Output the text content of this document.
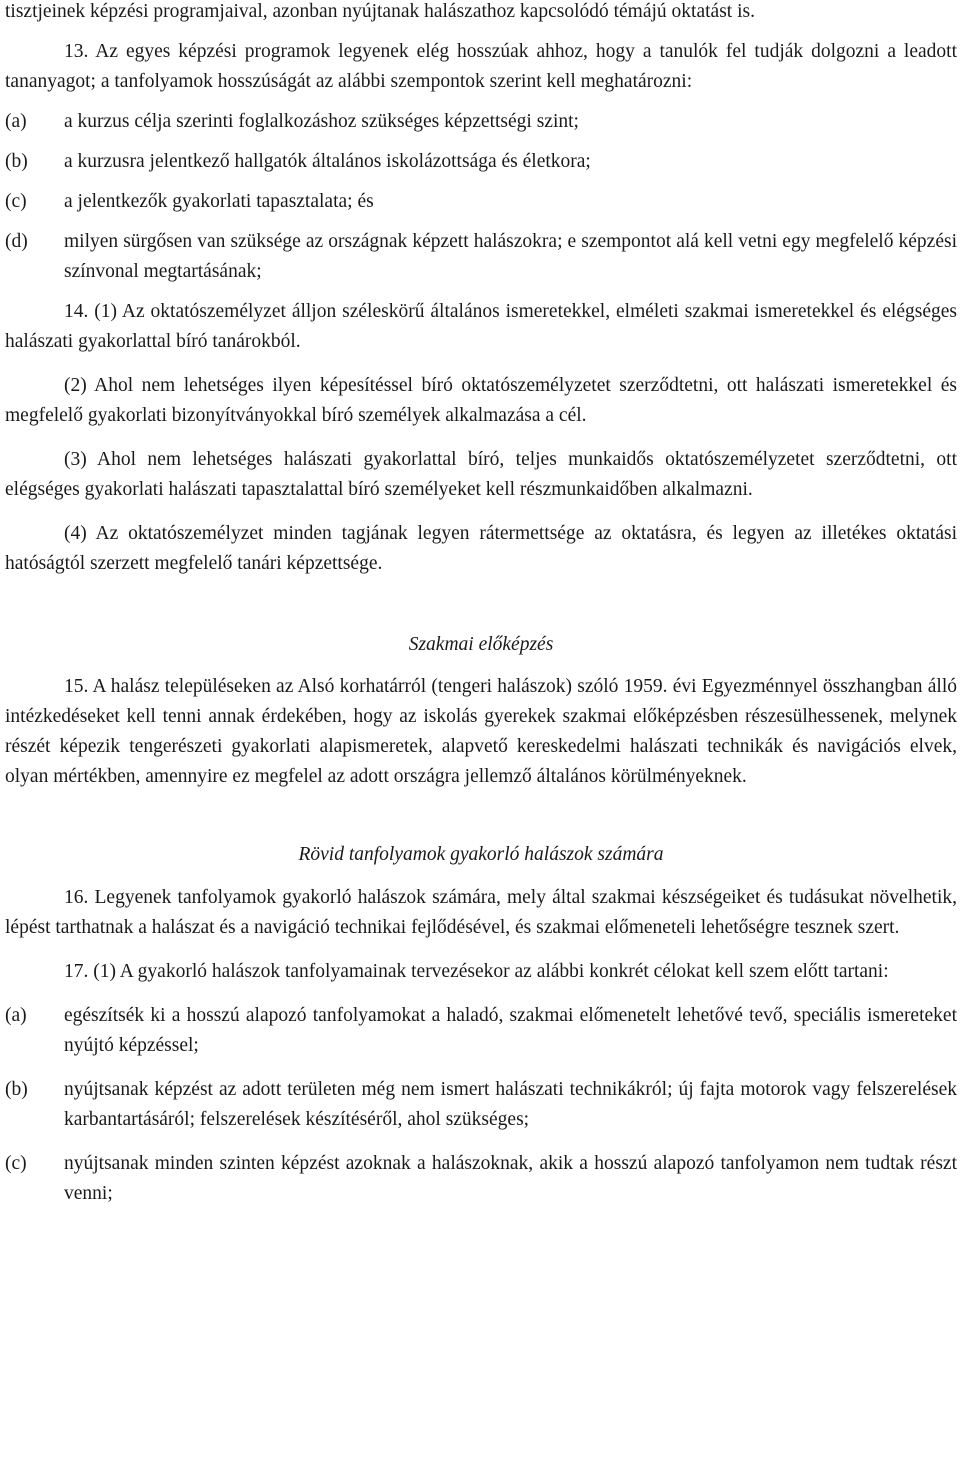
tisztjeinek képzési programjaival, azonban nyújtanak halászathoz kapcsolódó témájú oktatást is.

13. Az egyes képzési programok legyenek elég hosszúak ahhoz, hogy a tanulók fel tudják dolgozni a leadott tananyagot; a tanfolyamok hosszúságát az alábbi szempontok szerint kell meghatározni:

(a)	a kurzus célja szerinti foglalkozáshoz szükséges képzettségi szint;
(b)	a kurzusra jelentkező hallgatók általános iskolázottsága és életkora;
(c)	a jelentkezők gyakorlati tapasztalata; és
(d)	milyen sürgősen van szüksége az országnak képzett halászokra; e szempontot alá kell vetni egy megfelelő képzési színvonal megtartásának;

14. (1) Az oktatószemélyzet álljon széleskörű általános ismeretekkel, elméleti szakmai ismeretekkel és elégséges halászati gyakorlattal bíró tanárokból.

(2) Ahol nem lehetséges ilyen képesítéssel bíró oktatószemélyzetet szerződtetni, ott halászati ismeretekkel és megfelelő gyakorlati bizonyítványokkal bíró személyek alkalmazása a cél.

(3) Ahol nem lehetséges halászati gyakorlattal bíró, teljes munkaidős oktatószemélyzetet szerződtetni, ott elégséges gyakorlati halászati tapasztalattal bíró személyeket kell részmunkaidőben alkalmazni.

(4) Az oktatószemélyzet minden tagjának legyen rátermettsége az oktatásra, és legyen az illetékes oktatási hatóságtól szerzett megfelelő tanári képzettsége.

Szakmai előképzés

15. A halász településeken az Alsó korhatárról (tengeri halászok) szóló 1959. évi Egyezménnyel összhangban álló intézkedéseket kell tenni annak érdekében, hogy az iskolás gyerekek szakmai előképzésben részesülhessenek, melynek részét képezik tengerészeti gyakorlati alapismeretek, alapvető kereskedelmi halászati technikák és navigációs elvek, olyan mértékben, amennyire ez megfelel az adott országra jellemző általános körülményeknek.

Rövid tanfolyamok gyakorló halászok számára

16. Legyenek tanfolyamok gyakorló halászok számára, mely által szakmai készségeiket és tudásukat növelhetik, lépést tarthatnak a halászat és a navigáció technikai fejlődésével, és szakmai előmeneteli lehetőségre tesznek szert.

17. (1) A gyakorló halászok tanfolyamainak tervezésekor az alábbi konkrét célokat kell szem előtt tartani:

(a)	egészítsék ki a hosszú alapozó tanfolyamokat a haladó, szakmai előmenetelt lehetővé tevő, speciális ismereteket nyújtó képzéssel;
(b)	nyújtsanak képzést az adott területen még nem ismert halászati technikákról; új fajta motorok vagy felszerelések karbantartásáról; felszerelések készítéséről, ahol szükséges;
(c)	nyújtsanak minden szinten képzést azoknak a halászoknak, akik a hosszú alapozó tanfolyamon nem tudtak részt venni;
